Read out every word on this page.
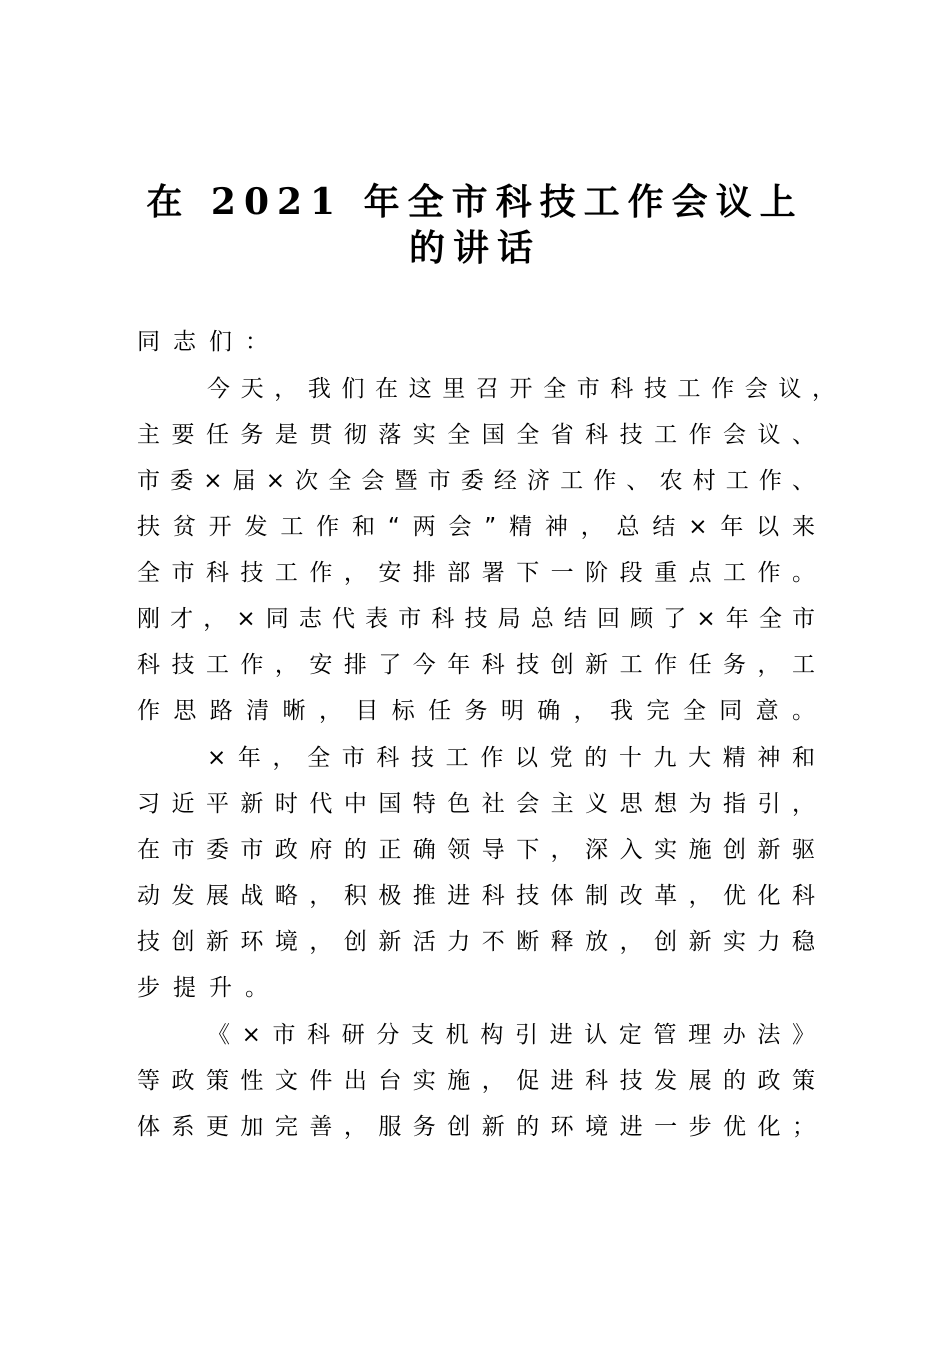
在 2021 年全市科技工作会议上
的讲话
同志们：
今天，我们在这里召开全市科技工作会议，
主要任务是贯彻落实全国全省科技工作会议、
市委×届×次全会暨市委经济工作、农村工作、
扶贫开发工作和“两会”精神，总结×年以来
全市科技工作，安排部署下一阶段重点工作。
刚才，×同志代表市科技局总结回顾了×年全市
科技工作，安排了今年科技创新工作任务，工
作思路清晰，目标任务明确，我完全同意。
×年，全市科技工作以党的十九大精神和
习近平新时代中国特色社会主义思想为指引，
在市委市政府的正确领导下，深入实施创新驱
动发展战略，积极推进科技体制改革，优化科
技创新环境，创新活力不断释放，创新实力稳
步提升。
《×市科研分支机构引进认定管理办法》
等政策性文件出台实施，促进科技发展的政策
体系更加完善，服务创新的环境进一步优化；
